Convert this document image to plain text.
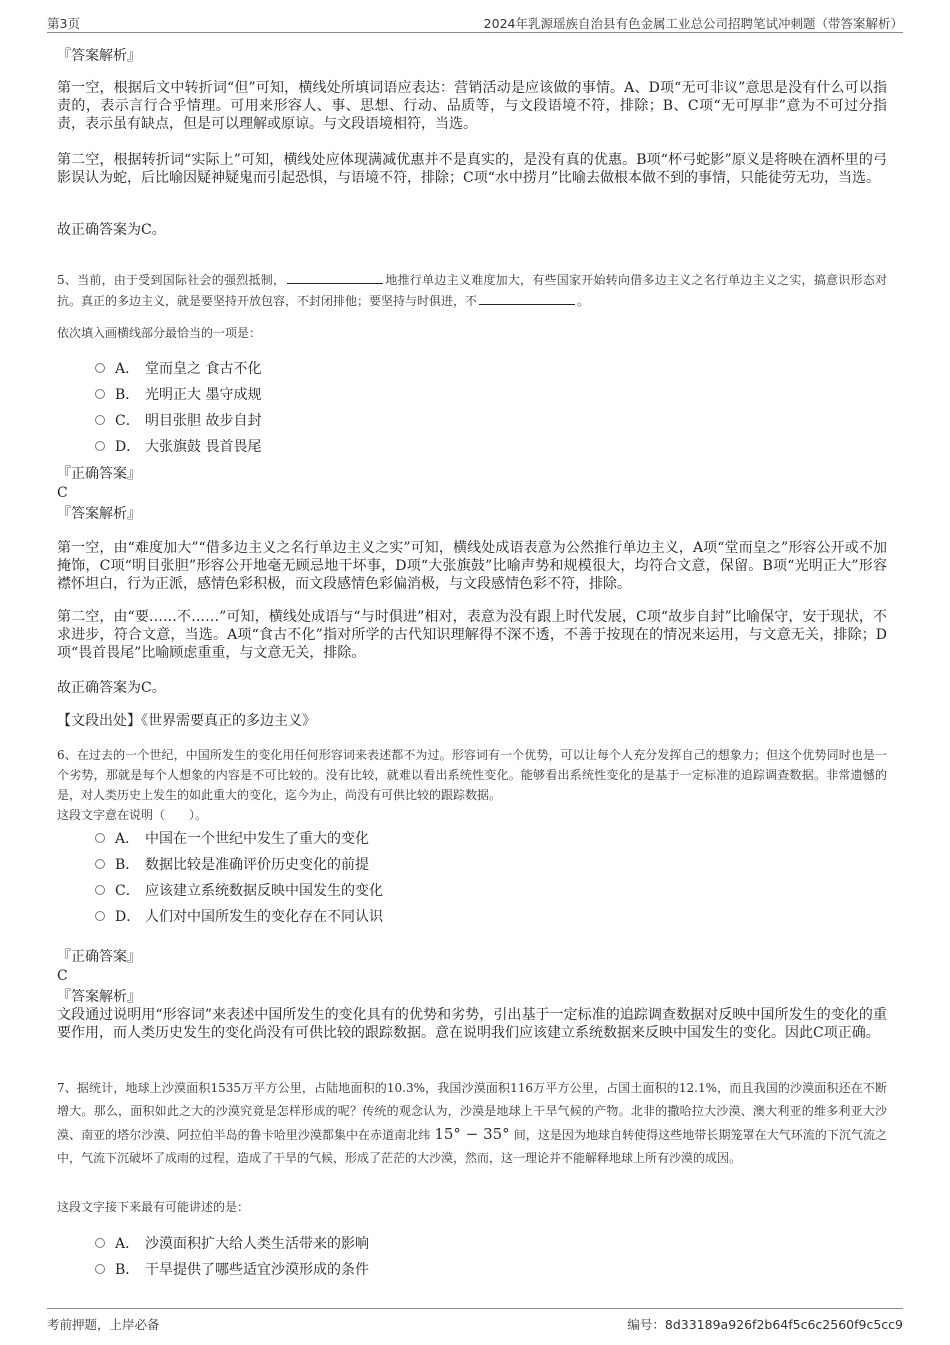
第3页	2024年乳源瑶族自治县有色金属工业总公司招聘笔试冲刺题（带答案解析）
『答案解析』
第一空，根据后文中转折词“但”可知，横线处所填词语应表达：营销活动是应该做的事情。A、D项“无可非议”意思是没有什么可以指责的，表示言行合乎情理。可用来形容人、事、思想、行动、品质等，与文段语境不符，排除；B、C项“无可厚非”意为不可过分指责，表示虽有缺点，但是可以理解或原谅。与文段语境相符，当选。
第二空，根据转折词“实际上”可知，横线处应体现满减优惠并不是真实的，是没有真的优惠。B项“杯弓蛇影”原义是将映在酒杯里的弓影误认为蛇，后比喻因疑神疑鬼而引起恐惧，与语境不符，排除；C项“水中捞月”比喻去做根本做不到的事情，只能徒劳无功，当选。
故正确答案为C。
5、当前，由于受到国际社会的强烈抵制，	地推行单边主义难度加大，有些国家开始转向借多边主义之名行单边主义之实，搞意识形态对抗。真正的多边主义，就是要坚持开放包容，不封闭排他；要坚持与时俱进，不	。
依次填入画横线部分最恰当的一项是：
A． 堂而皇之 食古不化
B． 光明正大 墨守成规
C． 明目张胆 故步自封
D． 大张旗鼓 畏首畏尾
『正确答案』
C
『答案解析』
第一空，由“难度加大”“借多边主义之名行单边主义之实”可知，横线处成语表意为公然推行单边主义，A项“堂而皇之”形容公开或不加掩饰，C项“明目张胆”形容公开地毫无顾忌地干坏事，D项“大张旗鼓”比喻声势和规模很大，均符合文意，保留。B项“光明正大”形容襟怀坦白，行为正派，感情色彩积极，而文段感情色彩偏消极，与文段感情色彩不符，排除。
第二空，由“要……不……”可知，横线处成语与“与时俱进”相对，表意为没有跟上时代发展，C项“故步自封”比喻保守，安于现状，不求进步，符合文意，当选。A项“食古不化”指对所学的古代知识理解得不深不透，不善于按现在的情况来运用，与文意无关，排除；D项“畏首畏尾”比喻顾虑重重，与文意无关，排除。
故正确答案为C。
【文段出处】《世界需要真正的多边主义》
6、在过去的一个世纪，中国所发生的变化用任何形容词来表述都不为过。形容词有一个优势，可以让每个人充分发挥自己的想象力；但这个优势同时也是一个劣势，那就是每个人想象的内容是不可比较的。没有比较，就难以看出系统性变化。能够看出系统性变化的是基于一定标准的追踪调查数据。非常遗憾的是，对人类历史上发生的如此重大的变化，迄今为止，尚没有可供比较的跟踪数据。
这段文字意在说明（　　）。
A． 中国在一个世纪中发生了重大的变化
B． 数据比较是准确评价历史变化的前提
C． 应该建立系统数据反映中国发生的变化
D． 人们对中国所发生的变化存在不同认识
『正确答案』
C
『答案解析』
文段通过说明用“形容词”来表述中国所发生的变化具有的优势和劣势，引出基于一定标准的追踪调查数据对反映中国所发生的变化的重要作用，而人类历史发生的变化尚没有可供比较的跟踪数据。意在说明我们应该建立系统数据来反映中国发生的变化。因此C项正确。
7、据统计，地球上沙漠面积1535万平方公里，占陆地面积的10.3%，我国沙漠面积116万平方公里，占国土面积的12.1%，而且我国的沙漠面积还在不断增大。那么，面积如此之大的沙漠究竟是怎样形成的呢？传统的观念认为，沙漠是地球上干旱气候的产物。北非的撒哈拉大沙漠、澳大利亚的维多利亚大沙漠、南亚的塔尔沙漠、阿拉伯半岛的鲁卡哈里沙漠都集中在赤道南北纬 15° − 35° 间，这是因为地球自转使得这些地带长期笼罩在大气环流的下沉气流之中，气流下沉破坏了成雨的过程，造成了干旱的气候，形成了茫茫的大沙漠，然而，这一理论并不能解释地球上所有沙漠的成因。
这段文字接下来最有可能讲述的是：
A． 沙漠面积扩大给人类生活带来的影响
B． 干旱提供了哪些适宜沙漠形成的条件
考前押题，上岸必备	编号：8d33189a926f2b64f5c6c2560f9c5cc9
